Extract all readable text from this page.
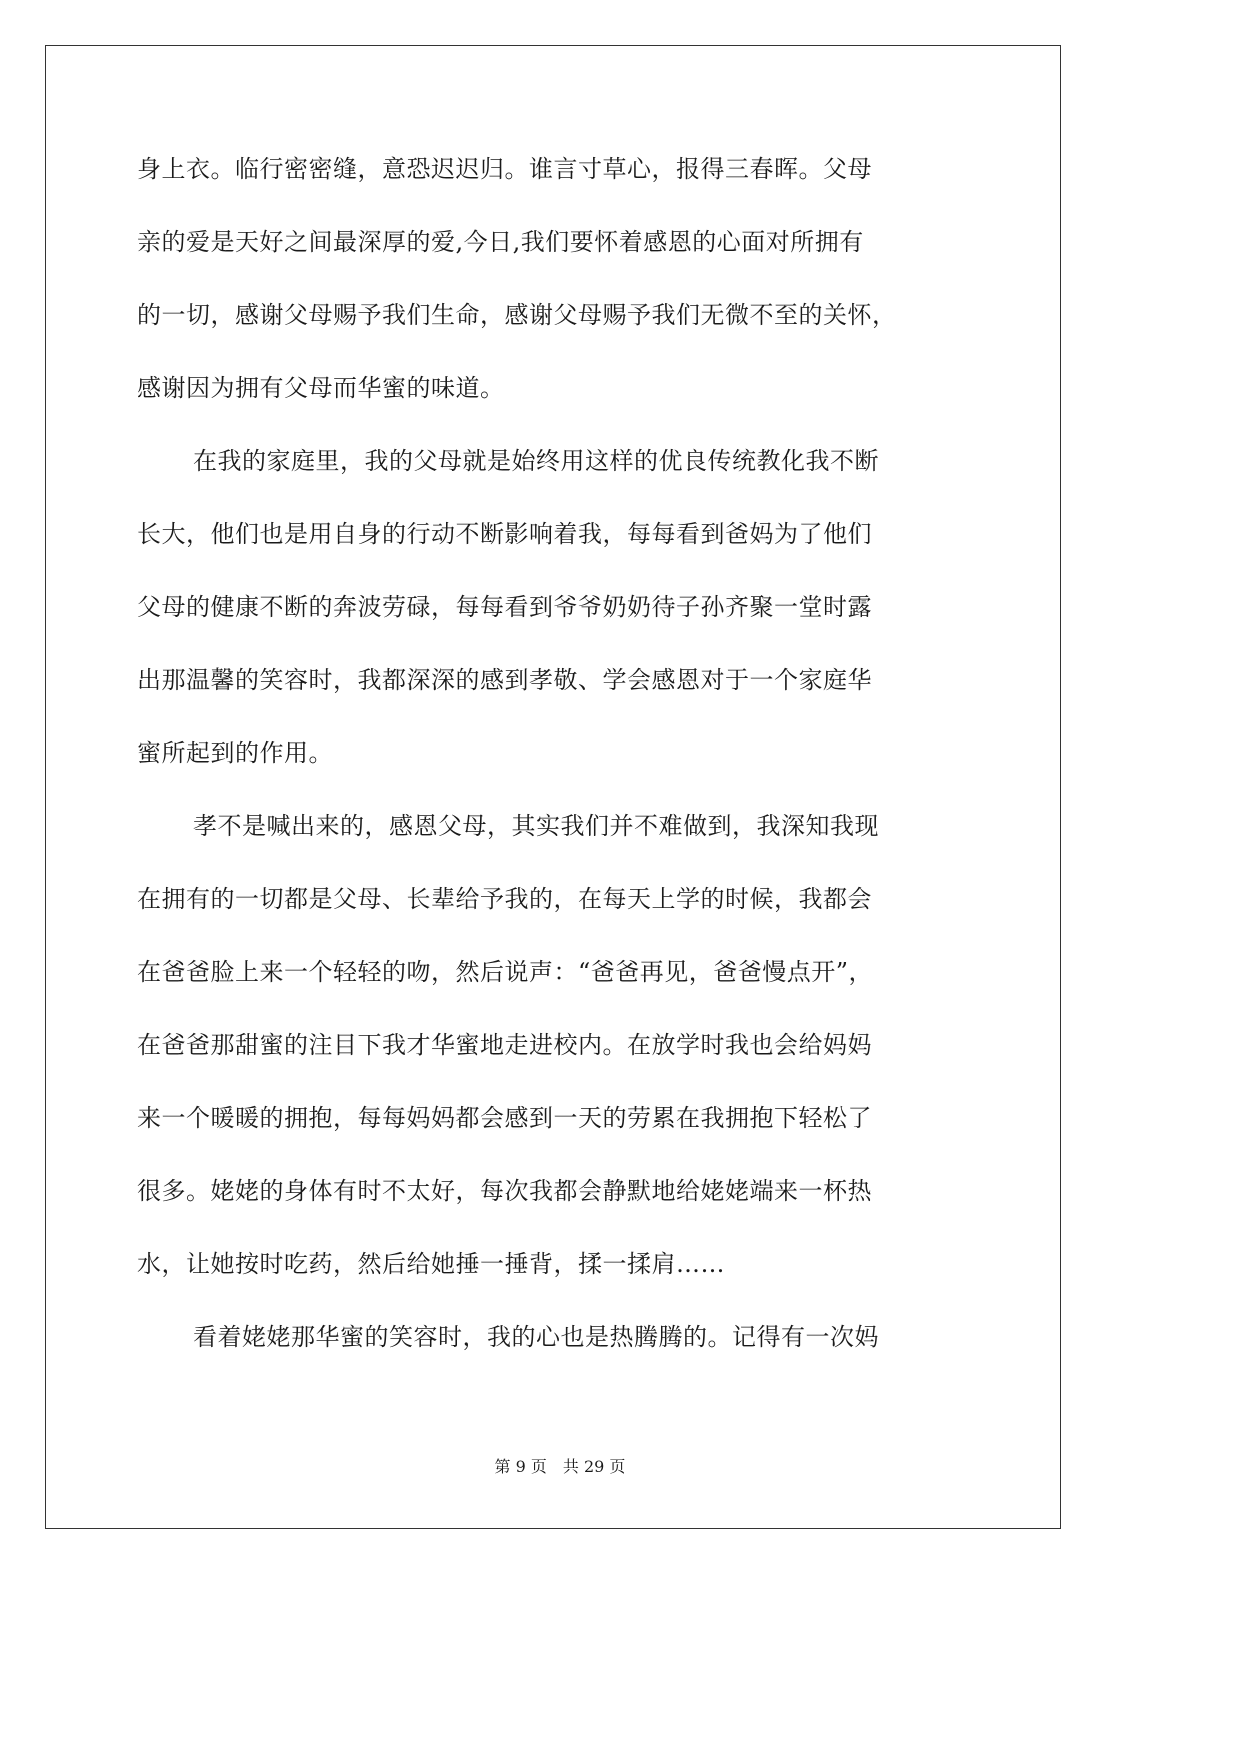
身上衣。临行密密缝，意恐迟迟归。谁言寸草心，报得三春晖。父母
亲的爱是天好之间最深厚的爱,今日,我们要怀着感恩的心面对所拥有
的一切，感谢父母赐予我们生命，感谢父母赐予我们无微不至的关怀，
感谢因为拥有父母而华蜜的味道。
在我的家庭里，我的父母就是始终用这样的优良传统教化我不断
长大，他们也是用自身的行动不断影响着我，每每看到爸妈为了他们
父母的健康不断的奔波劳碌，每每看到爷爷奶奶待子孙齐聚一堂时露
出那温馨的笑容时，我都深深的感到孝敬、学会感恩对于一个家庭华
蜜所起到的作用。
孝不是喊出来的，感恩父母，其实我们并不难做到，我深知我现
在拥有的一切都是父母、长辈给予我的，在每天上学的时候，我都会
在爸爸脸上来一个轻轻的吻，然后说声：“爸爸再见，爸爸慢点开”，
在爸爸那甜蜜的注目下我才华蜜地走进校内。在放学时我也会给妈妈
来一个暖暖的拥抱，每每妈妈都会感到一天的劳累在我拥抱下轻松了
很多。姥姥的身体有时不太好，每次我都会静默地给姥姥端来一杯热
水，让她按时吃药，然后给她捶一捶背，揉一揉肩……
看着姥姥那华蜜的笑容时，我的心也是热腾腾的。记得有一次妈
第 9 页　共 29 页
